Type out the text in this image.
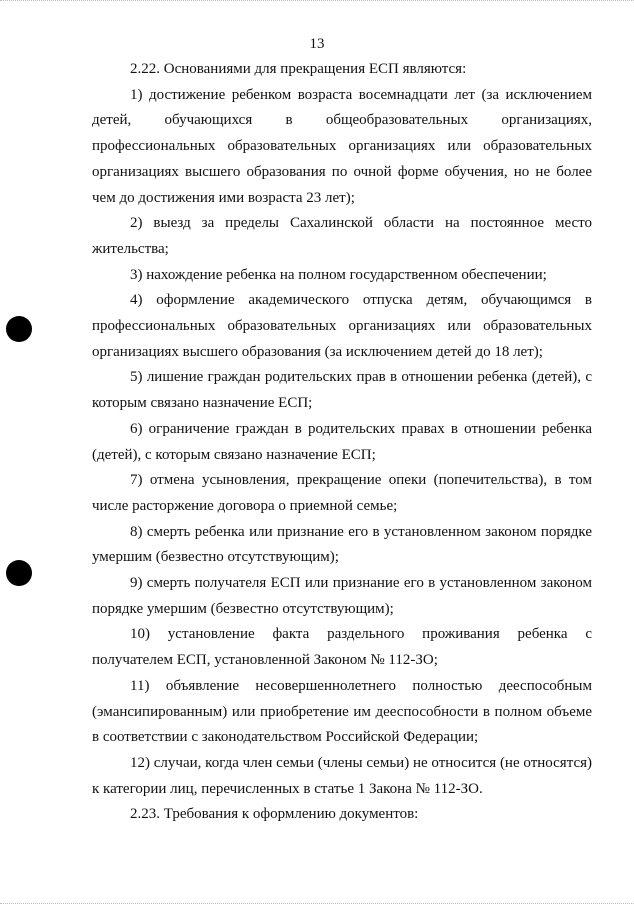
13

2.22. Основаниями для прекращения ЕСП являются:

1) достижение ребенком возраста восемнадцати лет (за исключением детей, обучающихся в общеобразовательных организациях, профессиональных образовательных организациях или образовательных организациях высшего образования по очной форме обучения, но не более чем до достижения ими возраста 23 лет);

2) выезд за пределы Сахалинской области на постоянное место жительства;

3) нахождение ребенка на полном государственном обеспечении;

4) оформление академического отпуска детям, обучающимся в профессиональных образовательных организациях или образовательных организациях высшего образования (за исключением детей до 18 лет);

5) лишение граждан родительских прав в отношении ребенка (детей), с которым связано назначение ЕСП;

6) ограничение граждан в родительских правах в отношении ребенка (детей), с которым связано назначение ЕСП;

7) отмена усыновления, прекращение опеки (попечительства), в том числе расторжение договора о приемной семье;

8) смерть ребенка или признание его в установленном законом порядке умершим (безвестно отсутствующим);

9) смерть получателя ЕСП или признание его в установленном законом порядке умершим (безвестно отсутствующим);

10) установление факта раздельного проживания ребенка с получателем ЕСП, установленной Законом № 112-ЗО;

11) объявление несовершеннолетнего полностью дееспособным (эмансипированным) или приобретение им дееспособности в полном объеме в соответствии с законодательством Российской Федерации;

12) случаи, когда член семьи (члены семьи) не относится (не относятся) к категории лиц, перечисленных в статье 1 Закона № 112-ЗО.

2.23. Требования к оформлению документов:
